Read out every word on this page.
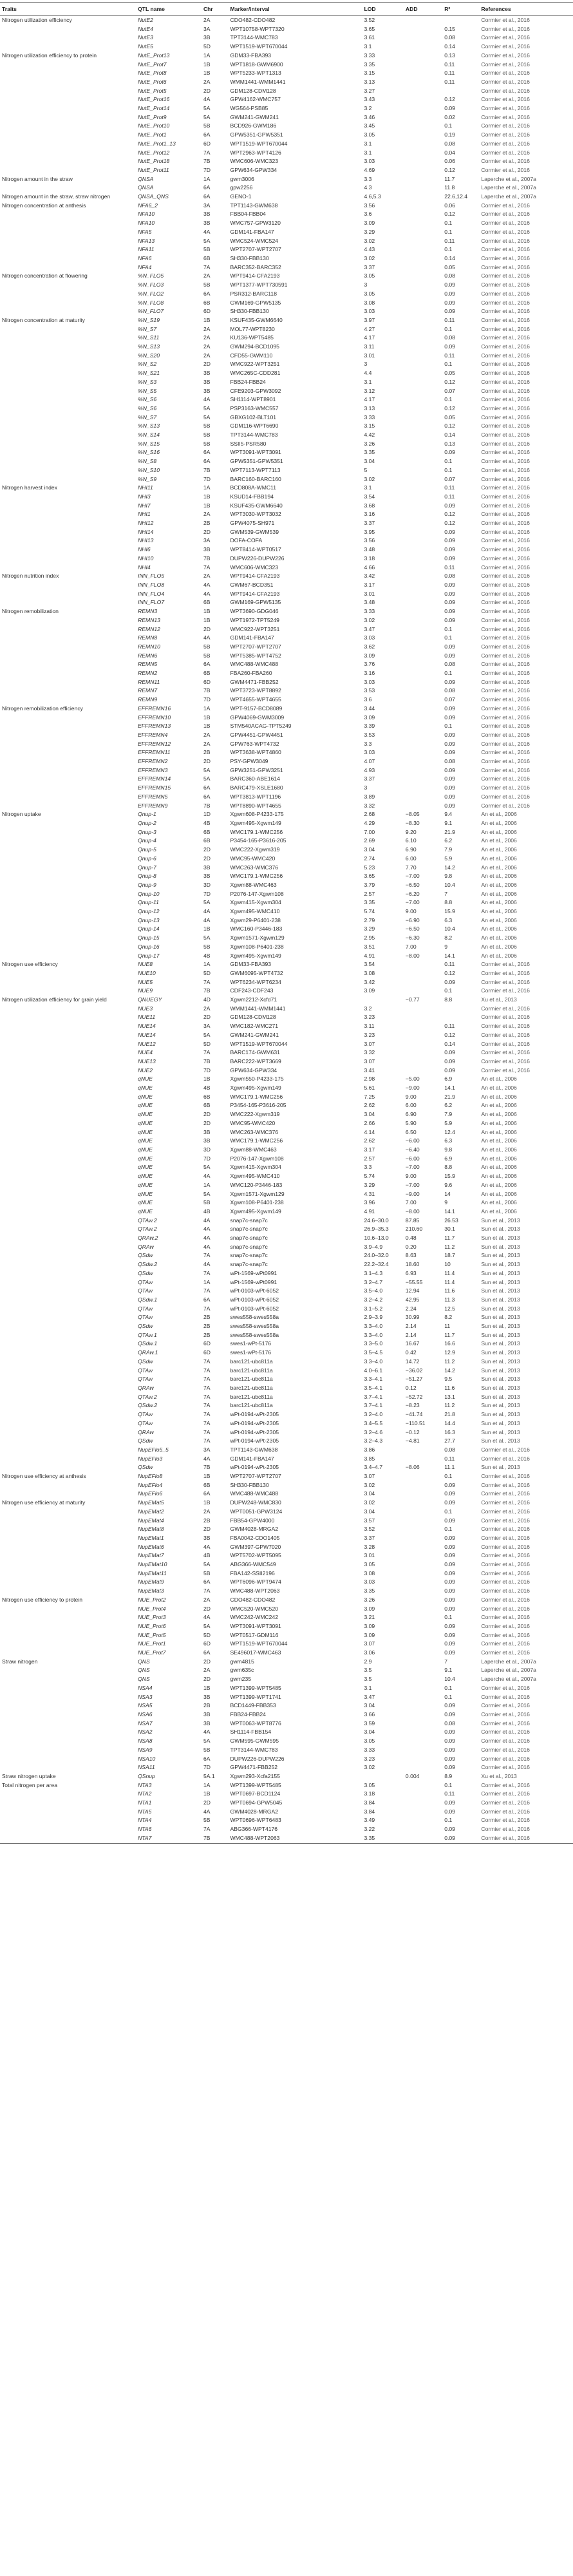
Traits	QTL name	Chr	Marker/interval	LOD	ADD	R²	References
Nitrogen utilization efficiency	NutE2	2A	CDO482-CDO482	3.52			Cormier et al., 2016
	NutE4	3A	WPT10758-WPT7320	3.65		0.15	Cormier et al., 2016
	NutE3	3B	TPT3144-WMC783	3.61		0.08	Cormier et al., 2016
	NutE5	5D	WPT1519-WPT670044	3.1		0.14	Cormier et al., 2016
Nitrogen utilization efficiency to protein	NutE_Prot13	1A	GDM33-FBA393	3.33		0.13	Cormier et al., 2016
	NutE_Prot7	1B	WPT1818-GWM6900	3.35		0.11	Cormier et al., 2016
	NutE_Prot8	1B	WPT5233-WPT1313	3.15		0.11	Cormier et al., 2016
	NutE_Prot6	2A	WMM1441-WMM1441	3.13		0.11	Cormier et al., 2016
	NutE_Prot5	2D	GDM128-CDM128	3.27			Cormier et al., 2016
	NutE_Prot16	4A	GPW4162-WMC757	3.43		0.12	Cormier et al., 2016
	NutE_Prot14	5A	WG564-PSB85	3.2		0.09	Cormier et al., 2016
	NutE_Prot9	5A	GWM241-GWM241	3.46		0.02	Cormier et al., 2016
	NutE_Prot10	5B	BCD926-GWM186	3.45		0.1	Cormier et al., 2016
	NutE_Prot1	6A	GPW5351-GPW5351	3.05		0.19	Cormier et al., 2016
	NutE_Prot1_13	6D	WPT1519-WPT670044	3.1		0.08	Cormier et al., 2016
	NutE_Prot12	7A	WPT2963-WPT4126	3.1		0.04	Cormier et al., 2016
	NutE_Prot18	7B	WMC606-WMC323	3.03		0.06	Cormier et al., 2016
	NutE_Prot11	7D	GPW634-GPW334	4.69		0.12	Cormier et al., 2016
Nitrogen amount in the straw	QNSA	1A	gwm3006	3.3		11.7	Laperche et al., 2007a
	QNSA	6A	gpw2256	4.3		11.8	Laperche et al., 2007a
Nitrogen amount in the straw, straw nitrogen	QNSA_QNS	6A	GENO-1	4.6,5.3		22.6,12.4	Laperche et al., 2007a
Nitrogen concentration at anthesis	NFA6_2	3A	TPT1143-GWM638	3.56		0.06	Cormier et al., 2016
	NFA10	3B	FBB04-FBB04	3.6		0.12	Cormier et al., 2016
	NFA10	3B	WMC757-GPW3120	3.09		0.1	Cormier et al., 2016
	NFA5	4A	GDM141-FBA147	3.29		0.1	Cormier et al., 2016
	NFA13	5A	WMC524-WMC524	3.02		0.11	Cormier et al., 2016
	NFA11	5B	WPT2707-WPT2707	4.43		0.1	Cormier et al., 2016
	NFA6	6B	SH330-FBB130	3.02		0.14	Cormier et al., 2016
	NFA4	7A	BARC352-BARC352	3.37		0.05	Cormier et al., 2016
Nitrogen concentration at flowering	%N_FLO5	2A	WPT9414-CFA2193	3.05		0.08	Cormier et al., 2016
	%N_FLO3	5B	WPT1377-WPT730591	3		0.09	Cormier et al., 2016
	%N_FLO2	6A	PSR312-BARC118	3.05		0.09	Cormier et al., 2016
	%N_FLO8	6B	GWM169-GPW5135	3.08		0.09	Cormier et al., 2016
	%N_FLO7	6D	SH330-FBB130	3.03		0.09	Cormier et al., 2016
Nitrogen concentration at maturity	%N_S19	1B	KSUF435-GWM6640	3.97		0.11	Cormier et al., 2016
	%N_S7	2A	MOL77-WPT8230	4.27		0.1	Cormier et al., 2016
	%N_S11	2A	KU136-WPT5485	4.17		0.08	Cormier et al., 2016
	%N_S13	2A	GWM294-BCD1095	3.11		0.09	Cormier et al., 2016
	%N_S20	2A	CFD55-GWM110	3.01		0.11	Cormier et al., 2016
	%N_S2	2D	WMC922-WPT3251	3		0.1	Cormier et al., 2016
	%N_S21	3B	WMC265C-CDD281	4.4		0.05	Cormier et al., 2016
	%N_S3	3B	FBB24-FBB24	3.1		0.12	Cormier et al., 2016
	%N_S5	3B	CFE9203-GPW3092	3.12		0.07	Cormier et al., 2016
	%N_S6	4A	SH1114-WPT8901	4.17		0.1	Cormier et al., 2016
	%N_S6	5A	PSP3163-WMC557	3.13		0.12	Cormier et al., 2016
	%N_S7	5A	GBXG102-BLT101	3.33		0.05	Cormier et al., 2016
	%N_S13	5B	GDM116-WPT6690	3.15		0.12	Cormier et al., 2016
	%N_S14	5B	TPT3144-WMC783	4.42		0.14	Cormier et al., 2016
	%N_S15	5B	SSII5-PSR580	3.26		0.13	Cormier et al., 2016
	%N_S16	6A	WPT3091-WPT3091	3.35		0.09	Cormier et al., 2016
	%N_S8	6A	GPW5351-GPW5351	3.04		0.1	Cormier et al., 2016
	%N_S10	7B	WPT7113-WPT7113	5		0.1	Cormier et al., 2016
	%N_S9	7D	BARC160-BARC160	3.02		0.07	Cormier et al., 2016
Nitrogen harvest index	NHI11	1A	BCD808A-WMC11	3.1		0.11	Cormier et al., 2016
	NHI3	1B	KSUD14-FBB194	3.54		0.11	Cormier et al., 2016
	NHI7	1B	KSUF435-GWM6640	3.68		0.09	Cormier et al., 2016
	NHI1	2A	WPT3030-WPT3032	3.16		0.12	Cormier et al., 2016
	NHI12	2B	GPW4075-SH971	3.37		0.12	Cormier et al., 2016
	NHI14	2D	GWM539-GWM539	3.95		0.09	Cormier et al., 2016
	NHI13	3A	DOFA-COFA	3.56		0.09	Cormier et al., 2016
	NHI6	3B	WPT8414-WPT0517	3.48		0.09	Cormier et al., 2016
	NHI10	7B	DUPW226-DUPW226	3.18		0.09	Cormier et al., 2016
	NHI4	7A	WMC606-WMC323	4.66		0.11	Cormier et al., 2016
Nitrogen nutrition index	INN_FLO5	2A	WPT9414-CFA2193	3.42		0.08	Cormier et al., 2016
	INN_FLO8	4A	GWM67-BCD351	3.17		0.09	Cormier et al., 2016
	INN_FLO4	4A	WPT9414-CFA2193	3.01		0.09	Cormier et al., 2016
	INN_FLO7	6B	GWM169-GPW5135	3.48		0.09	Cormier et al., 2016
Nitrogen remobilization	REMN3	1B	WPT3690-GDG046	3.33		0.09	Cormier et al., 2016
	REMN13	1B	WPT1972-TPT5249	3.02		0.09	Cormier et al., 2016
	REMN12	2D	WMC922-WPT3251	3.47		0.1	Cormier et al., 2016
	REMN8	4A	GDM141-FBA147	3.03		0.1	Cormier et al., 2016
	REMN10	5B	WPT2707-WPT2707	3.62		0.09	Cormier et al., 2016
	REMN6	5B	WPT5385-WPT4752	3.09		0.09	Cormier et al., 2016
	REMN5	6A	WMC488-WMC488	3.76		0.08	Cormier et al., 2016
	REMN2	6B	FBA260-FBA260	3.16		0.1	Cormier et al., 2016
	REMN11	6D	GWM4471-FBB252	3.03		0.09	Cormier et al., 2016
	REMN7	7B	WPT3723-WPT8892	3.53		0.08	Cormier et al., 2016
	REMN9	7D	WPT4655-WPT4655	3.6		0.07	Cormier et al., 2016
Nitrogen remobilization efficiency	EFFREMN16	1A	WPT-9157-BCD8089	3.44		0.09	Cormier et al., 2016
	EFFREMN10	1B	GPW4069-GWM3009	3.09		0.09	Cormier et al., 2016
	EFFREMN13	1B	STM540ACAG-TPT5249	3.39		0.1	Cormier et al., 2016
	EFFREMN4	2A	GPW4451-GPW4451	3.53		0.09	Cormier et al., 2016
	EFFREMN12	2A	GPW763-WPT4732	3.3		0.09	Cormier et al., 2016
	EFFREMN11	2B	WPT3638-WPT4860	3.03		0.09	Cormier et al., 2016
	EFFREMN2	2D	PSY-GPW3049	4.07		0.08	Cormier et al., 2016
	EFFREMN3	5A	GPW3251-GPW3251	4.93		0.09	Cormier et al., 2016
	EFFREMN14	5A	BARC360-ABE1614	3.37		0.09	Cormier et al., 2016
	EFFREMN15	6A	BARC479-XSLE1680	3		0.09	Cormier et al., 2016
	EFFREMN5	6A	WPT3813-WPT1196	3.89		0.09	Cormier et al., 2016
	EFFREMN9	7B	WPT8890-WPT4655	3.32		0.09	Cormier et al., 2016
Nitrogen uptake	Qnup-1	1D	Xgwm608-P4233-175	2.68	−8.05	9.4	An et al., 2006
	Qnup-2	4B	Xgwm495-Xgwm149	4.29	−8.30	9.1	An et al., 2006
	Qnup-3	6B	WMC179.1-WMC256	7.00	9.20	21.9	An et al., 2006
	Qnup-4	6B	P3454-165-P3616-205	2.69	6.10	6.2	An et al., 2006
	Qnup-5	2D	WMC222-Xgwm319	3.04	6.90	7.9	An et al., 2006
	Qnup-6	2D	WMC95-WMC420	2.74	6.00	5.9	An et al., 2006
	Qnup-7	3B	WMC263-WMC376	5.23	7.70	14.2	An et al., 2006
	Qnup-8	3B	WMC179.1-WMC256	3.65	−7.00	9.8	An et al., 2006
	Qnup-9	3D	Xgwm88-WMC463	3.79	−6.50	10.4	An et al., 2006
	Qnup-10	7D	P2076-147-Xgwm108	2.57	−6.20	7	An et al., 2006
	Qnup-11	5A	Xgwm415-Xgwm304	3.35	−7.00	8.8	An et al., 2006
	Qnup-12	4A	Xgwm495-WMC410	5.74	9.00	15.9	An et al., 2006
	Qnup-13	4A	Xgwm29-P6401-238	2.79	−6.90	6.3	An et al., 2006
	Qnup-14	1B	WMC160-P3446-183	3.29	−6.50	10.4	An et al., 2006
	Qnup-15	5A	Xgwm1571-Xgwm129	2.95	−6.30	8.2	An et al., 2006
	Qnup-16	5B	Xgwm108-P6401-238	3.51	7.00	9	An et al., 2006
	Qnup-17	4B	Xgwm495-Xgwm149	4.91	−8.00	14.1	An et al., 2006
Nitrogen use efficiency	NUE8	1A	GDM33-FBA393	3.54		0.11	Cormier et al., 2016
	NUE10	5D	GWM6095-WPT4732	3.08		0.12	Cormier et al., 2016
	NUE5	7A	WPT6234-WPT6234	3.42		0.09	Cormier et al., 2016
	NUE9	7B	CDF243-CDF243	3.09		0.1	Cormier et al., 2016
Nitrogen utilization efficiency for grain yield	QNUEGY	4D	Xgwm2212-Xcfd71		−0.77	8.8	Xu et al., 2013
	NUE3	2A	WMM1441-WMM1441	3.2			Cormier et al., 2016
	NUE11	2D	GDM128-CDM128	3.23			Cormier et al., 2016
	NUE14	3A	WMC182-WMC271	3.11		0.11	Cormier et al., 2016
	NUE14	5A	GWM241-GWM241	3.23		0.12	Cormier et al., 2016
	NUE12	5D	WPT1519-WPT670044	3.07		0.14	Cormier et al., 2016
	NUE4	7A	BARC174-GWM631	3.32		0.09	Cormier et al., 2016
	NUE13	7B	BARC222-WPT3669	3.07		0.09	Cormier et al., 2016
	NUE2	7D	GPW634-GPW334	3.41		0.09	Cormier et al., 2016
	qNUE	1B	Xgwm550-P4233-175	2.98	−5.00	6.9	An et al., 2006
	qNUE	4B	Xgwm495-Xgwm149	5.61	−9.00	14.1	An et al., 2006
	qNUE	6B	WMC179.1-WMC256	7.25	9.00	21.9	An et al., 2006
	qNUE	6B	P3454-165-P3616-205	2.62	6.00	6.2	An et al., 2006
	qNUE	2D	WMC222-Xgwm319	3.04	6.90	7.9	An et al., 2006
	qNUE	2D	WMC95-WMC420	2.66	5.90	5.9	An et al., 2006
	qNUE	3B	WMC263-WMC376	4.14	6.50	12.4	An et al., 2006
	qNUE	3B	WMC179.1-WMC256	2.62	−6.00	6.3	An et al., 2006
	qNUE	3D	Xgwm88-WMC463	3.17	−6.40	9.8	An et al., 2006
	qNUE	7D	P2076-147-Xgwm108	2.57	−6.00	6.9	An et al., 2006
	qNUE	5A	Xgwm415-Xgwm304	3.3	−7.00	8.8	An et al., 2006
	qNUE	4A	Xgwm495-WMC410	5.74	9.00	15.9	An et al., 2006
	qNUE	1A	WMC120-P3446-183	3.29	−7.00	9.6	An et al., 2006
	qNUE	5A	Xgwm1571-Xgwm129	4.31	−9.00	14	An et al., 2006
	qNUE	5B	Xgwm108-P6401-238	3.96	7.00	9	An et al., 2006
	qNUE	4B	Xgwm495-Xgwm149	4.91	−8.00	14.1	An et al., 2006
	QTAw.2	4A	snap7c-snap7c	24.6–30.0	87.85	26.53	Sun et al., 2013
	QTAw.2	4A	snap7c-snap7c	26.9–35.3	210.60	30.1	Sun et al., 2013
	QRAw.2	4A	snap7c-snap7c	10.6–13.0	0.48	11.7	Sun et al., 2013
	QRAw	4A	snap7c-snap7c	3.9–4.9	0.20	11.2	Sun et al., 2013
	QSdw	7A	snap7c-snap7c	24.0–32.0	8.63	18.7	Sun et al., 2013
	QSdw.2	4A	snap7c-snap7c	22.2–32.4	18.60	10	Sun et al., 2013
	QSdw	7A	wPt-1569-wPt0991	3.1–4.3	6.93	11.4	Sun et al., 2013
	QTAw	1A	wPt-1569-wPt0991	3.2–4.7	−55.55	11.4	Sun et al., 2013
	QTAw	7A	wPt-0103-wPt-6052	3.5–4.0	12.94	11.6	Sun et al., 2013
	QSdw.1	6A	wPt-0103-wPt-6052	3.2–4.2	42.95	11.3	Sun et al., 2013
	QTAw	7A	wPt-0103-wPt-6052	3.1–5.2	2.24	12.5	Sun et al., 2013
	QTAw	2B	swes558-swes558a	2.9–3.9	30.99	8.2	Sun et al., 2013
	QSdw	2B	swes558-swes558a	3.3–4.0	2.14	11	Sun et al., 2013
	QTAw.1	2B	swes558-swes558a	3.3–4.0	2.14	11.7	Sun et al., 2013
	QSdw.1	6D	swes1-wPt-5176	3.3–5.0	16.67	16.6	Sun et al., 2013
	QRAw.1	6D	swes1-wPt-5176	3.5–4.5	0.42	12.9	Sun et al., 2013
	QSdw	7A	barc121-ubc811a	3.3–4.0	14.72	11.2	Sun et al., 2013
	QTAw	7A	barc121-ubc811a	4.0–6.1	−36.02	14.2	Sun et al., 2013
	QTAw	7A	barc121-ubc811a	3.3–4.1	−51.27	9.5	Sun et al., 2013
	QRAw	7A	barc121-ubc811a	3.5–4.1	0.12	11.6	Sun et al., 2013
	QTAw.2	7A	barc121-ubc811a	3.7–4.1	−52.72	13.1	Sun et al., 2013
	QSdw.2	7A	barc121-ubc811a	3.7–4.1	−8.23	11.2	Sun et al., 2013
	QTAw	7A	wPt-0194-wPt-2305	3.2–4.0	−41.74	21.8	Sun et al., 2013
	QTAw	7A	wPt-0194-wPt-2305	3.4–5.5	−110.51	14.4	Sun et al., 2013
	QRAw	7A	wPt-0194-wPt-2305	3.2–4.6	−0.12	16.3	Sun et al., 2013
	QSdw	7A	wPt-0194-wPt-2305	3.2–4.3	−4.81	27.7	Sun et al., 2013
	NupEFlo5_5	3A	TPT1143-GWM638	3.86		0.08	Cormier et al., 2016
	NupEFlo3	4A	GDM141-FBA147	3.85		0.11	Cormier et al., 2016
	QSdw	7B	wPt-0194-wPt-2305	3.4–4.7	−8.06	11.1	Sun et al., 2013
Nitrogen use efficiency at anthesis	NupEFlo8	1B	WPT2707-WPT2707	3.07		0.1	Cormier et al., 2016
	NupEFlo4	6B	SH330-FBB130	3.02		0.09	Cormier et al., 2016
	NupEFlo6	6A	WMC488-WMC488	3.04		0.09	Cormier et al., 2016
Nitrogen use efficiency at maturity	NupEMat5	1B	DUPW248-WMC830	3.02		0.09	Cormier et al., 2016
	NupEMat2	2A	WPT0051-GPW3124	3.04		0.1	Cormier et al., 2016
	NupEMat4	2B	FBB54-GPW4000	3.57		0.09	Cormier et al., 2016
	NupEMat8	2D	GWM4028-MRGA2	3.52		0.1	Cormier et al., 2016
	NupEMat1	3B	FBA0042-CDO1405	3.37		0.09	Cormier et al., 2016
	NupEMat6	4A	GWM397-GPW7020	3.28		0.09	Cormier et al., 2016
	NupEMat7	4B	WPT5702-WPT5095	3.01		0.09	Cormier et al., 2016
	NupEMat10	5A	ABG366-WMC549	3.05		0.09	Cormier et al., 2016
	NupEMat11	5B	FBA142-SSII2196	3.08		0.09	Cormier et al., 2016
	NupEMat9	6A	WPT6096-WPT9474	3.03		0.09	Cormier et al., 2016
	NupEMat3	7A	WMC488-WPT2063	3.35		0.09	Cormier et al., 2016
Nitrogen use efficiency to protein	NUE_Prot2	2A	CDO482-CDO482	3.26		0.09	Cormier et al., 2016
	NUE_Prot4	2D	WMC520-WMC520	3.09		0.09	Cormier et al., 2016
	NUE_Prot3	4A	WMC242-WMC242	3.21		0.1	Cormier et al., 2016
	NUE_Prot6	5A	WPT3091-WPT3091	3.09		0.09	Cormier et al., 2016
	NUE_Prot5	5D	WPT0517-GDM116	3.09		0.09	Cormier et al., 2016
	NUE_Prot1	6D	WPT1519-WPT670044	3.07		0.09	Cormier et al., 2016
	NUE_Prot7	6A	SE496017-WMC463	3.06		0.09	Cormier et al., 2016
Straw nitrogen	QNS	2D	gwm4815	2.9		7	Laperche et al., 2007a
	QNS	2A	gwm635c	3.5		9.1	Laperche et al., 2007a
	QNS	2D	gwm235	3.5		10.4	Laperche et al., 2007a
	NSA4	1B	WPT1399-WPT5485	3.1		0.1	Cormier et al., 2016
	NSA3	3B	WPT1399-WPT1741	3.47		0.1	Cormier et al., 2016
	NSA5	2B	BCD1449-FBB353	3.04		0.09	Cormier et al., 2016
	NSA6	3B	FBB24-FBB24	3.66		0.09	Cormier et al., 2016
	NSA7	3B	WPT0063-WPT8776	3.59		0.08	Cormier et al., 2016
	NSA2	4A	SH1114-FBB154	3.04		0.09	Cormier et al., 2016
	NSA8	5A	GWM595-GWM595	3.05		0.09	Cormier et al., 2016
	NSA9	5B	TPT3144-WMC783	3.33		0.09	Cormier et al., 2016
	NSA10	6A	DUPW226-DUPW226	3.23		0.09	Cormier et al., 2016
	NSA11	7D	GPW4471-FBB252	3.02		0.09	Cormier et al., 2016
Straw nitrogen uptake	QSnup	5A.1	Xgwm293-Xcfa2155		0.004	8.9	Xu et al., 2013
Total nitrogen per area	NTA3	1A	WPT1399-WPT5485	3.05		0.1	Cormier et al., 2016
	NTA2	1B	WPT0697-BCD1124	3.18		0.11	Cormier et al., 2016
	NTA1	2D	WPT0694-GPW5045	3.84		0.09	Cormier et al., 2016
	NTA5	4A	GWM4028-MRGA2	3.84		0.09	Cormier et al., 2016
	NTA4	5B	WPT0696-WPT6483	3.49		0.1	Cormier et al., 2016
	NTA6	7A	ABG366-WPT4176	3.22		0.09	Cormier et al., 2016
	NTA7	7B	WMC488-WPT2063	3.35		0.09	Cormier et al., 2016
